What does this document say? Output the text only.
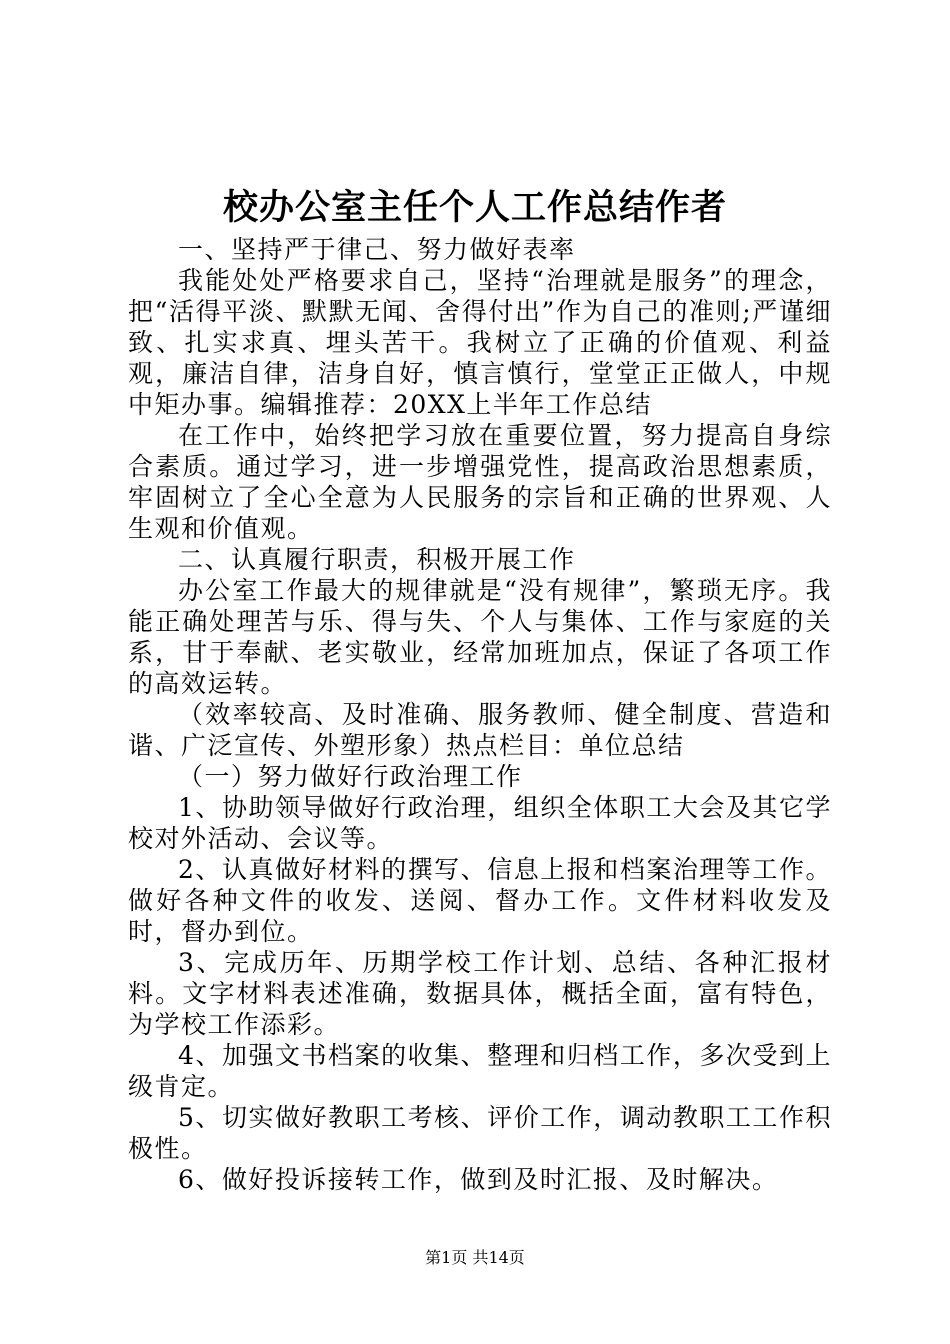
校办公室主任个人工作总结作者

一、坚持严于律己、努力做好表率

我能处处严格要求自己，坚持“治理就是服务”的理念，把“活得平淡、默默无闻、舍得付出”作为自己的准则;严谨细致、扎实求真、埋头苦干。我树立了正确的价值观、利益观，廉洁自律，洁身自好，慎言慎行，堂堂正正做人，中规中矩办事。编辑推荐：20XX上半年工作总结

在工作中，始终把学习放在重要位置，努力提高自身综合素质。通过学习，进一步增强党性，提高政治思想素质，牢固树立了全心全意为人民服务的宗旨和正确的世界观、人生观和价值观。

二、认真履行职责，积极开展工作

办公室工作最大的规律就是“没有规律”，繁琐无序。我能正确处理苦与乐、得与失、个人与集体、工作与家庭的关系，甘于奉献、老实敬业，经常加班加点，保证了各项工作的高效运转。

（效率较高、及时准确、服务教师、健全制度、营造和谐、广泛宣传、外塑形象）热点栏目：单位总结

（一）努力做好行政治理工作

1、协助领导做好行政治理，组织全体职工大会及其它学校对外活动、会议等。

2、认真做好材料的撰写、信息上报和档案治理等工作。做好各种文件的收发、送阅、督办工作。文件材料收发及时，督办到位。

3、完成历年、历期学校工作计划、总结、各种汇报材料。文字材料表述准确，数据具体，概括全面，富有特色，为学校工作添彩。

4、加强文书档案的收集、整理和归档工作，多次受到上级肯定。

5、切实做好教职工考核、评价工作，调动教职工工作积极性。

6、做好投诉接转工作，做到及时汇报、及时解决。

第1页 共14页
